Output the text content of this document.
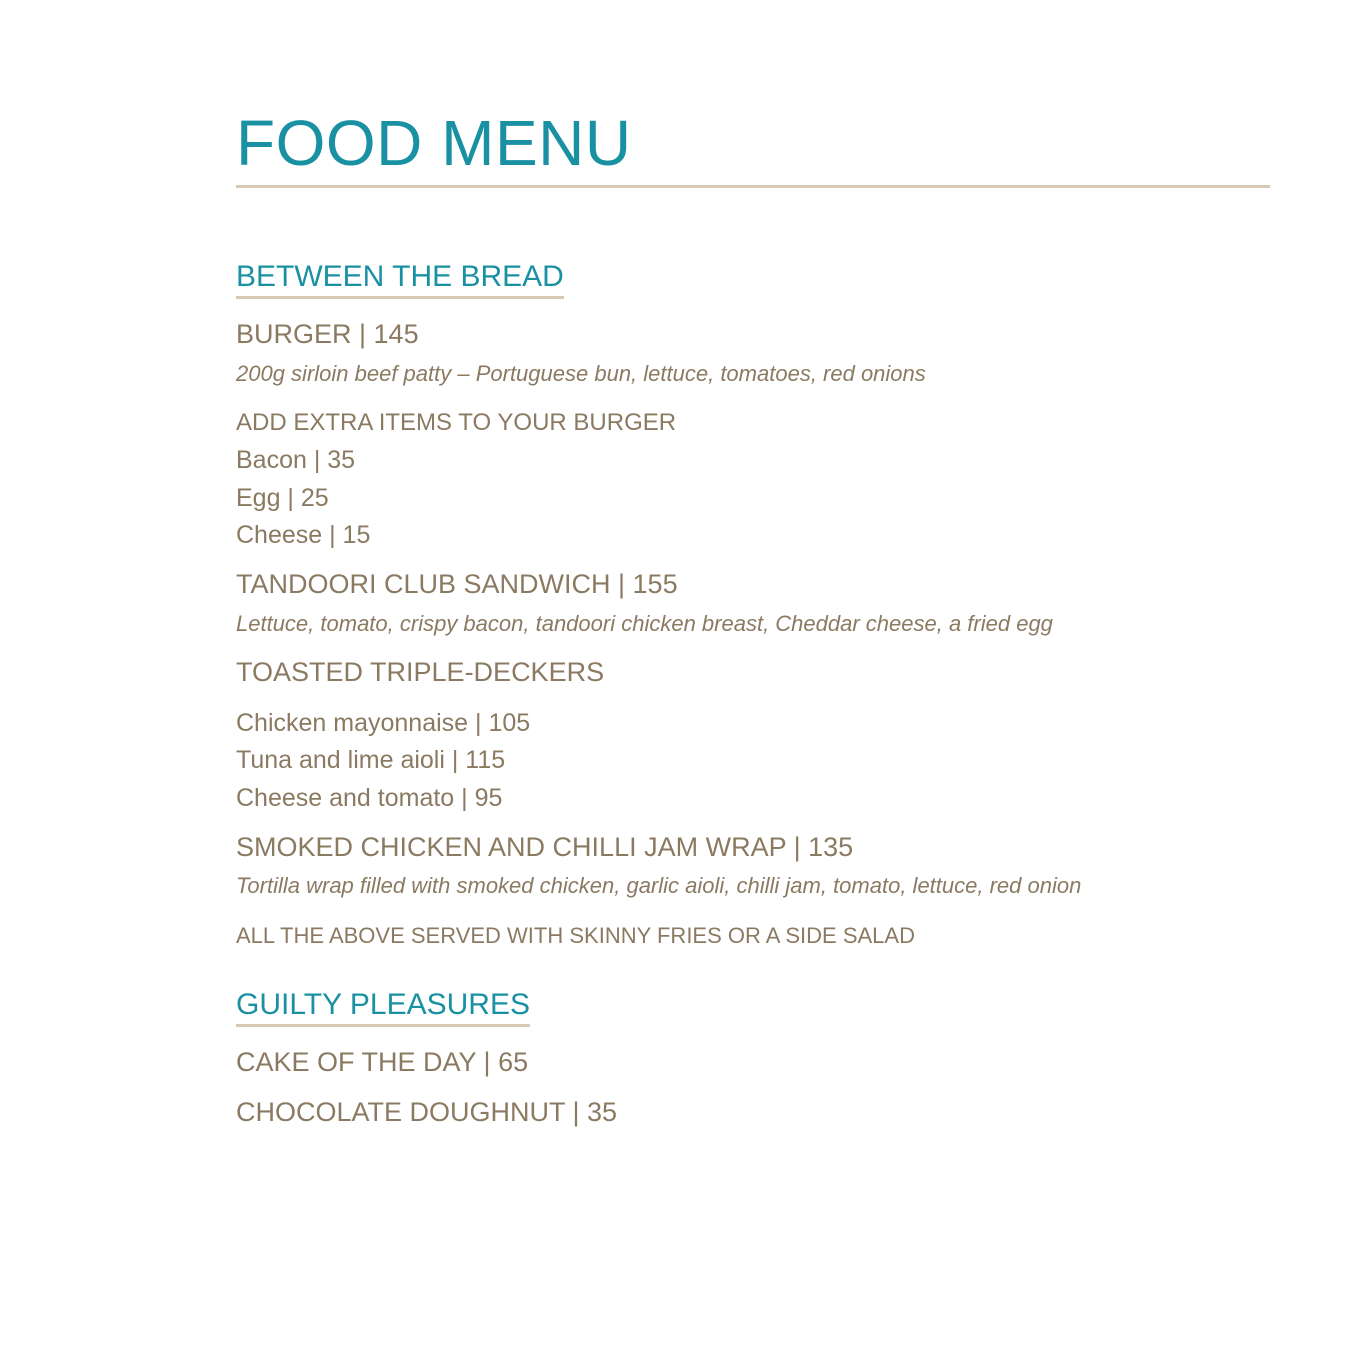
FOOD MENU
BETWEEN THE BREAD

BURGER | 145

200g sirloin beef patty – Portuguese bun, lettuce, tomatoes, red onions

ADD EXTRA ITEMS TO YOUR BURGER

Bacon | 35

Egg | 25

Cheese | 15

TANDOORI CLUB SANDWICH | 155

Lettuce, tomato, crispy bacon, tandoori chicken breast, Cheddar cheese, a fried egg

TOASTED TRIPLE-DECKERS

Chicken mayonnaise | 105

Tuna and lime aioli | 115

Cheese and tomato | 95

SMOKED CHICKEN AND CHILLI JAM WRAP | 135

Tortilla wrap filled with smoked chicken, garlic aioli, chilli jam, tomato, lettuce, red onion

ALL THE ABOVE SERVED WITH SKINNY FRIES OR A SIDE SALAD

GUILTY PLEASURES

CAKE OF THE DAY | 65

CHOCOLATE DOUGHNUT | 35
